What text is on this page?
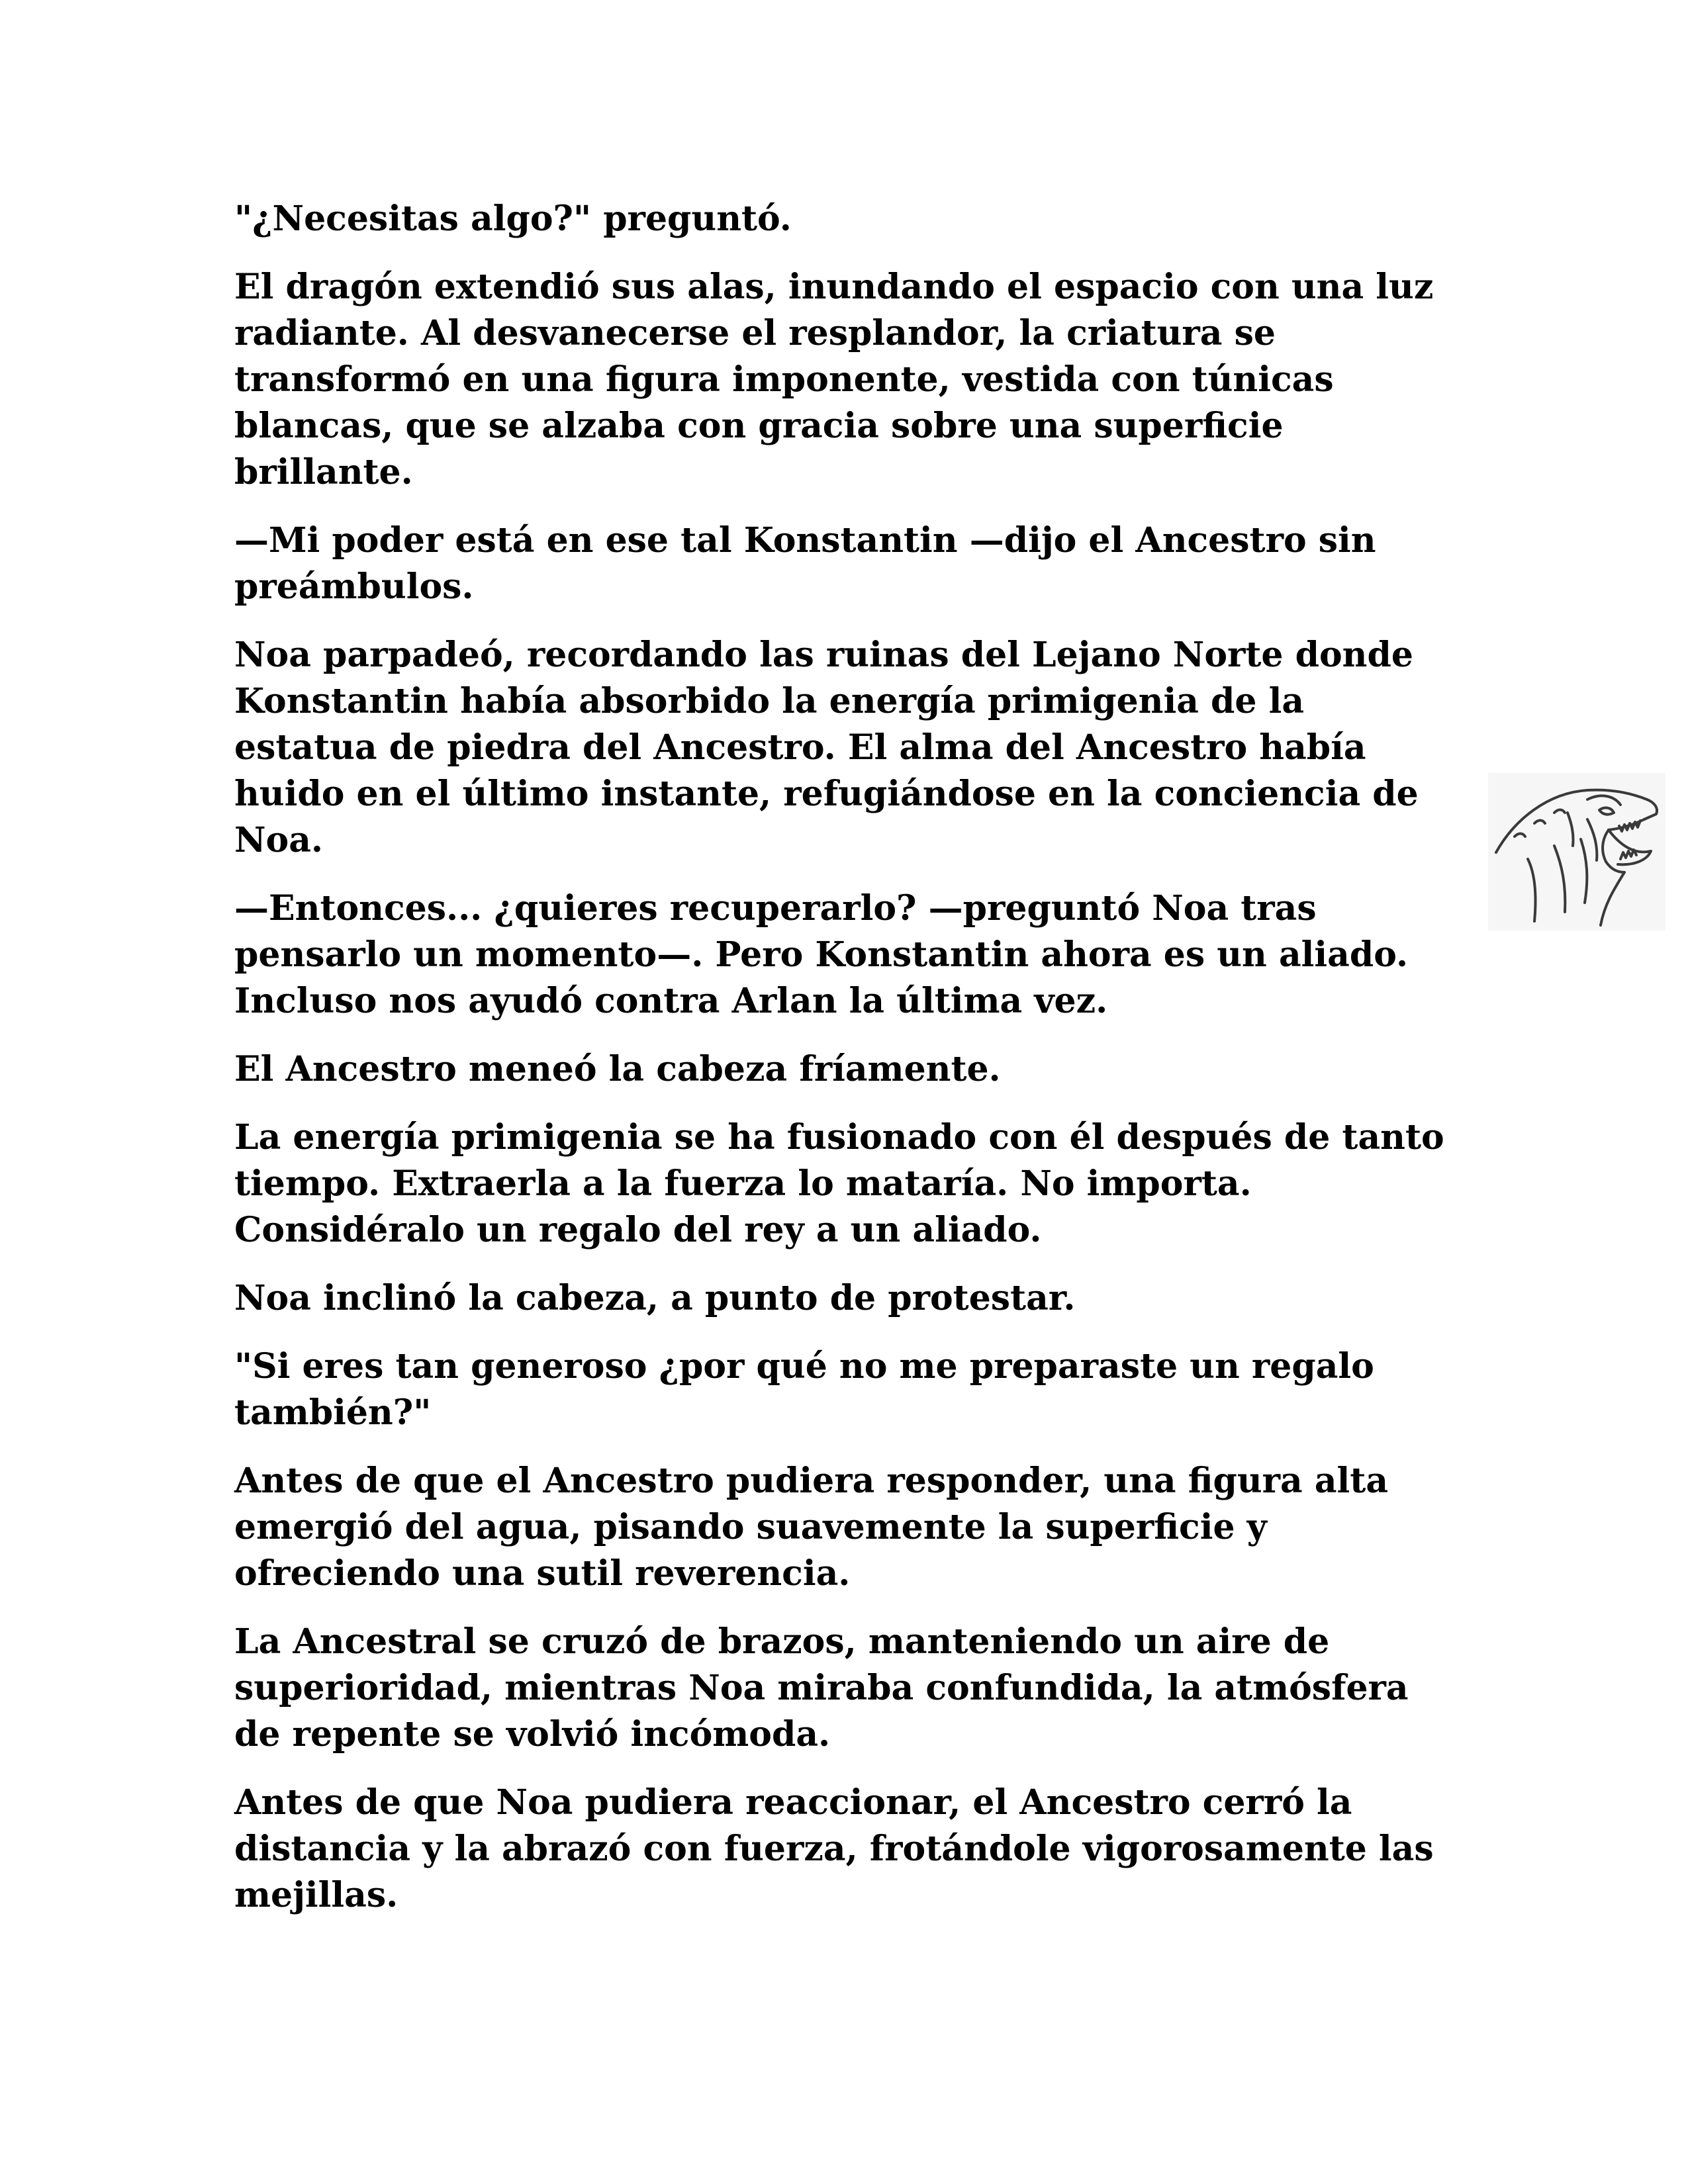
"¿Necesitas algo?" preguntó.

El dragón extendió sus alas, inundando el espacio con una luz radiante. Al desvanecerse el resplandor, la criatura se transformó en una figura imponente, vestida con túnicas blancas, que se alzaba con gracia sobre una superficie brillante.

—Mi poder está en ese tal Konstantin —dijo el Ancestro sin preámbulos.

Noa parpadeó, recordando las ruinas del Lejano Norte donde Konstantin había absorbido la energía primigenia de la estatua de piedra del Ancestro. El alma del Ancestro había huido en el último instante, refugiándose en la conciencia de Noa.

—Entonces... ¿quieres recuperarlo? —preguntó Noa tras pensarlo un momento—. Pero Konstantin ahora es un aliado. Incluso nos ayudó contra Arlan la última vez.

El Ancestro meneó la cabeza fríamente.

La energía primigenia se ha fusionado con él después de tanto tiempo. Extraerla a la fuerza lo mataría. No importa. Considéralo un regalo del rey a un aliado.

Noa inclinó la cabeza, a punto de protestar.

"Si eres tan generoso ¿por qué no me preparaste un regalo también?"

Antes de que el Ancestro pudiera responder, una figura alta emergió del agua, pisando suavemente la superficie y ofreciendo una sutil reverencia.

La Ancestral se cruzó de brazos, manteniendo un aire de superioridad, mientras Noa miraba confundida, la atmósfera de repente se volvió incómoda.

Antes de que Noa pudiera reaccionar, el Ancestro cerró la distancia y la abrazó con fuerza, frotándole vigorosamente las mejillas.
